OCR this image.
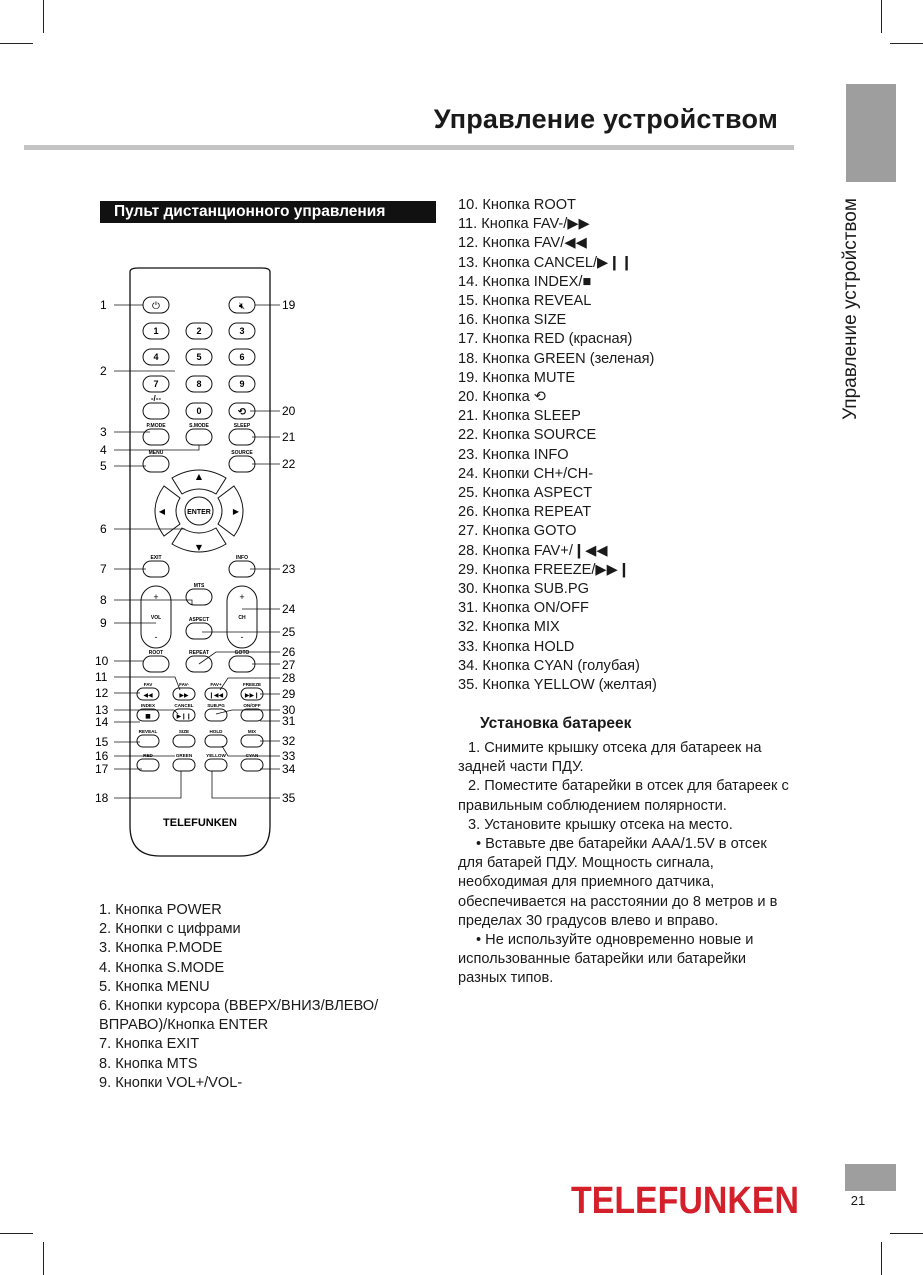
Управление устройством
Управление устройством
Пульт дистанционного управления
⏻	🔇︎
1	2	3
4	5	6
7	8	9
-/--
0	⟲
P.MODE	S.MODE	SLEEP
MENU	SOURCE
ENTER
▲
▼
◀	▶
EXIT	INFO
MTS
ASPECT
+
-
+
-
VOL	CH
ROOT	REPEAT	GOTO
FAV	FAV-	FAV+	FREEZE
INDEX	CANCEL	SUB.PG	ON/OFF
REVEAL	SIZE	HOLD	MIX
RED	GREEN	YELLOW	CYAN
◀◀	▶▶	❙◀◀	▶▶❙
■	▶❙❙
TELEFUNKEN
1
2
3
4
5
6
7
8
9
10
11
12
13
14
15
16
17
18
19
20
21
22
23
24
25
26
27
28
29
30
31
32
33
34
35
1. Кнопка POWER
2. Кнопки с цифрами
3. Кнопка P.MODE
4. Кнопка S.MODE
5. Кнопка MENU
6. Кнопки курсора (ВВЕРХ/ВНИЗ/ВЛЕВО/ВПРАВО)/Кнопка ENTER
7. Кнопка EXIT
8. Кнопка MTS
9. Кнопки VOL+/VOL-
10. Кнопка ROOT
11. Кнопка FAV-/▶▶
12. Кнопка FAV/◀◀
13. Кнопка CANCEL/▶❙❙
14. Кнопка INDEX/■
15. Кнопка REVEAL
16. Кнопка SIZE
17. Кнопка RED (красная)
18. Кнопка GREEN (зеленая)
19. Кнопка MUTE
20. Кнопка ⟲
21. Кнопка SLEEP
22. Кнопка SOURCE
23. Кнопка INFO
24. Кнопки CH+/CH-
25. Кнопка ASPECT
26. Кнопка REPEAT
27. Кнопка GOTO
28. Кнопка FAV+/❙◀◀
29. Кнопка FREEZE/▶▶❙
30. Кнопка SUB.PG
31. Кнопка ON/OFF
32. Кнопка MIX
33. Кнопка HOLD
34. Кнопка CYAN (голубая)
35. Кнопка YELLOW (желтая)
Установка батареек

1. Снимите крышку отсека для батареек на задней части ПДУ.

2. Поместите батарейки в отсек для батареек с правильным соблюдением полярности.

3. Установите крышку отсека на место.

• Вставьте две батарейки AAA/1.5V в отсек для батарей ПДУ. Мощность сигнала, необходимая для приемного датчика, обеспечивается на расстоянии до 8 метров и в пределах 30 градусов влево и вправо.

• Не используйте одновременно новые и использованные батарейки или батарейки разных типов.

TELEFUNKEN	21
